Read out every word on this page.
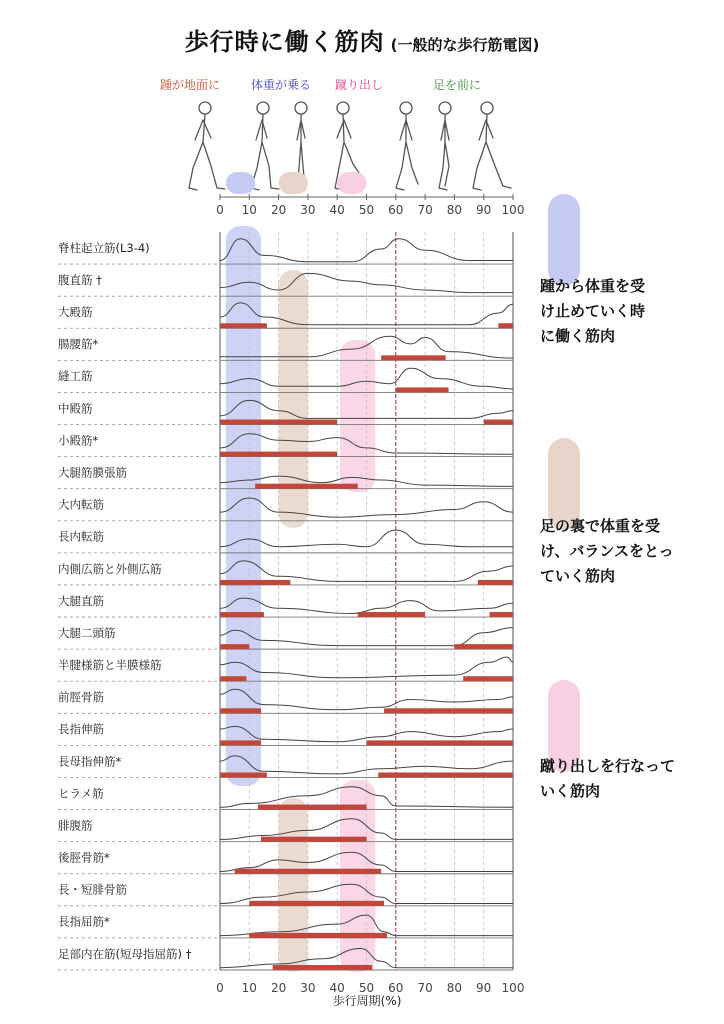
歩行時に働く筋肉 (一般的な歩行筋電図)
踵が地面に	体重が乗る 蹴り出し	足を前に
脊柱起立筋(L3-4)
腹直筋 †
大殿筋
腸腰筋*
縫工筋
中殿筋
小殿筋*
大腿筋膜張筋
大内転筋
長内転筋
内側広筋と外側広筋
大腿直筋
大腿二頭筋
半腱様筋と半膜様筋
前脛骨筋
長指伸筋
長母指伸筋*
ヒラメ筋
腓腹筋
後脛骨筋*
長・短腓骨筋
長指屈筋*
足部内在筋(短母指屈筋) †
0
0
10
10
20
20
30
30
40
40
50
50
60
60
70
70
80
80
90
90
100
100
歩行周期(%)
踵から体重を受
け止めていく時
に働く筋肉
足の裏で体重を受
け、バランスをとっ
ていく筋肉
蹴り出しを行なって
いく筋肉
